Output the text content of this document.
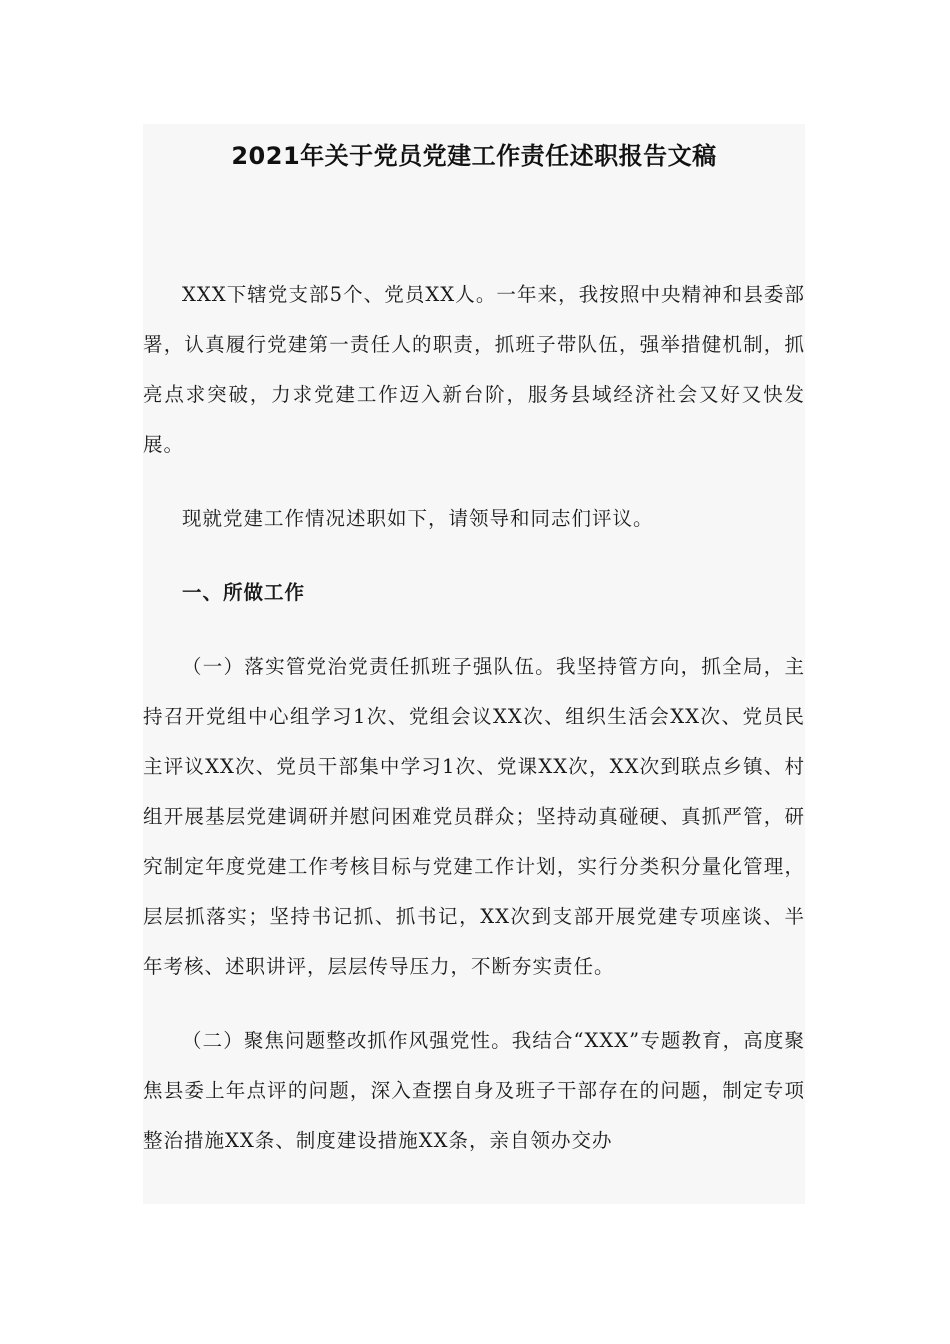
2021年关于党员党建工作责任述职报告文稿

XXX下辖党支部5个、党员XX人。一年来，我按照中央精神和县委部署，认真履行党建第一责任人的职责，抓班子带队伍，强举措健机制，抓亮点求突破，力求党建工作迈入新台阶，服务县域经济社会又好又快发展。

现就党建工作情况述职如下，请领导和同志们评议。

一、所做工作

（一）落实管党治党责任抓班子强队伍。我坚持管方向，抓全局，主持召开党组中心组学习1次、党组会议XX次、组织生活会XX次、党员民主评议XX次、党员干部集中学习1次、党课XX次，XX次到联点乡镇、村组开展基层党建调研并慰问困难党员群众；坚持动真碰硬、真抓严管，研究制定年度党建工作考核目标与党建工作计划，实行分类积分量化管理，层层抓落实；坚持书记抓、抓书记，XX次到支部开展党建专项座谈、半年考核、述职讲评，层层传导压力，不断夯实责任。

（二）聚焦问题整改抓作风强党性。我结合“XXX”专题教育，高度聚焦县委上年点评的问题，深入查摆自身及班子干部存在的问题，制定专项整治措施XX条、制度建设措施XX条，亲自领办交办
